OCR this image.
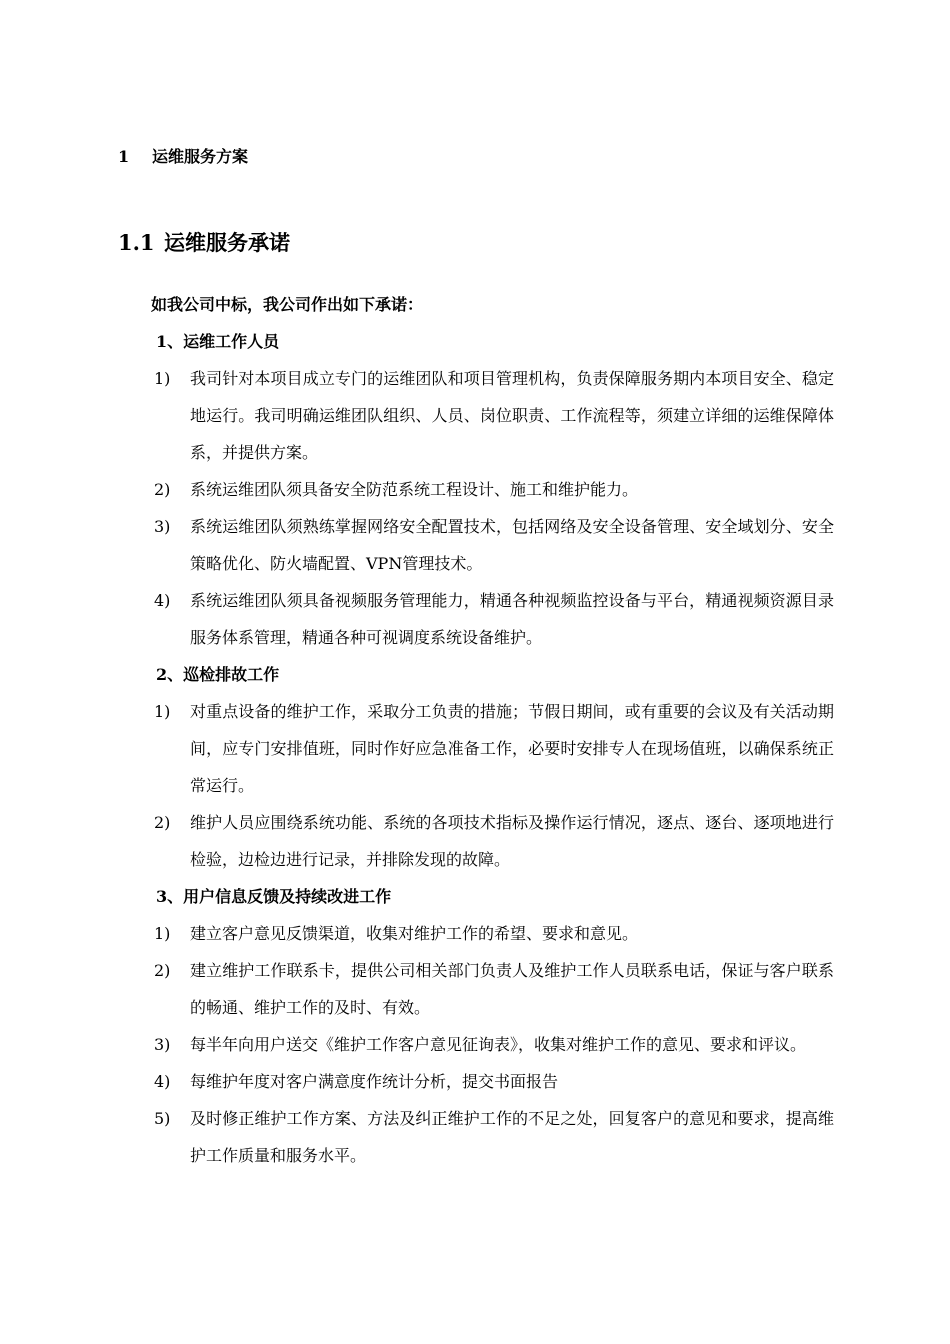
1 运维服务方案
1.1 运维服务承诺
如我公司中标，我公司作出如下承诺：
1、运维工作人员
1) 我司针对本项目成立专门的运维团队和项目管理机构，负责保障服务期内本项目安全、稳定地运行。我司明确运维团队组织、人员、岗位职责、工作流程等，须建立详细的运维保障体系，并提供方案。
2) 系统运维团队须具备安全防范系统工程设计、施工和维护能力。
3) 系统运维团队须熟练掌握网络安全配置技术，包括网络及安全设备管理、安全域划分、安全策略优化、防火墙配置、VPN管理技术。
4) 系统运维团队须具备视频服务管理能力，精通各种视频监控设备与平台，精通视频资源目录服务体系管理，精通各种可视调度系统设备维护。
2、巡检排故工作
1) 对重点设备的维护工作，采取分工负责的措施；节假日期间，或有重要的会议及有关活动期间，应专门安排值班，同时作好应急准备工作，必要时安排专人在现场值班，以确保系统正常运行。
2) 维护人员应围绕系统功能、系统的各项技术指标及操作运行情况，逐点、逐台、逐项地进行检验，边检边进行记录，并排除发现的故障。
3、用户信息反馈及持续改进工作
1) 建立客户意见反馈渠道，收集对维护工作的希望、要求和意见。
2) 建立维护工作联系卡，提供公司相关部门负责人及维护工作人员联系电话，保证与客户联系的畅通、维护工作的及时、有效。
3) 每半年向用户送交《维护工作客户意见征询表》，收集对维护工作的意见、要求和评议。
4) 每维护年度对客户满意度作统计分析，提交书面报告
5) 及时修正维护工作方案、方法及纠正维护工作的不足之处，回复客户的意见和要求，提高维护工作质量和服务水平。
